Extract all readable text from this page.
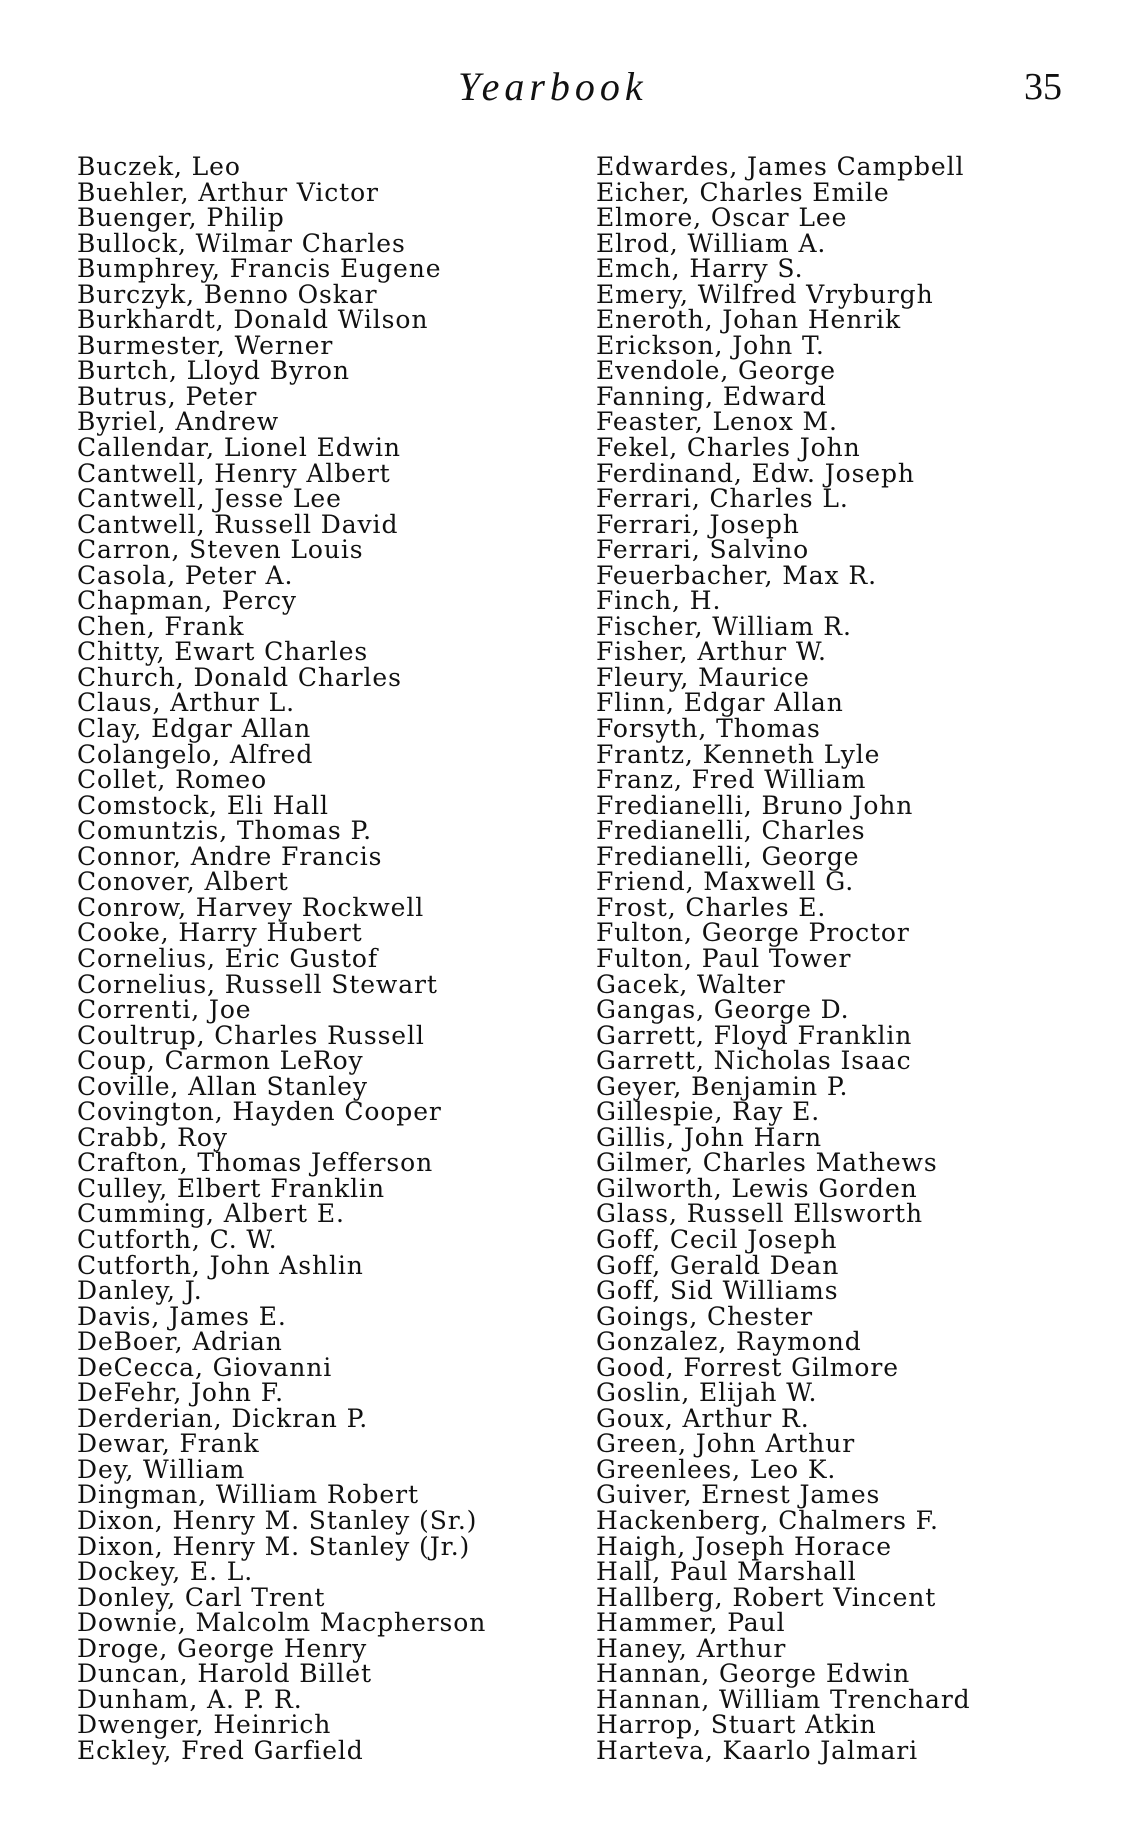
Yearbook	35
Buczek, Leo
Buehler, Arthur Victor
Buenger, Philip
Bullock, Wilmar Charles
Bumphrey, Francis Eugene
Burczyk, Benno Oskar
Burkhardt, Donald Wilson
Burmester, Werner
Burtch, Lloyd Byron
Butrus, Peter
Byriel, Andrew
Callendar, Lionel Edwin
Cantwell, Henry Albert
Cantwell, Jesse Lee
Cantwell, Russell David
Carron, Steven Louis
Casola, Peter A.
Chapman, Percy
Chen, Frank
Chitty, Ewart Charles
Church, Donald Charles
Claus, Arthur L.
Clay, Edgar Allan
Colangelo, Alfred
Collet, Romeo
Comstock, Eli Hall
Comuntzis, Thomas P.
Connor, Andre Francis
Conover, Albert
Conrow, Harvey Rockwell
Cooke, Harry Hubert
Cornelius, Eric Gustof
Cornelius, Russell Stewart
Correnti, Joe
Coultrup, Charles Russell
Coup, Carmon LeRoy
Coville, Allan Stanley
Covington, Hayden Cooper
Crabb, Roy
Crafton, Thomas Jefferson
Culley, Elbert Franklin
Cumming, Albert E.
Cutforth, C. W.
Cutforth, John Ashlin
Danley, J.
Davis, James E.
DeBoer, Adrian
DeCecca, Giovanni
DeFehr, John F.
Derderian, Dickran P.
Dewar, Frank
Dey, William
Dingman, William Robert
Dixon, Henry M. Stanley (Sr.)
Dixon, Henry M. Stanley (Jr.)
Dockey, E. L.
Donley, Carl Trent
Downie, Malcolm Macpherson
Droge, George Henry
Duncan, Harold Billet
Dunham, A. P. R.
Dwenger, Heinrich
Eckley, Fred Garfield
Edwardes, James Campbell
Eicher, Charles Emile
Elmore, Oscar Lee
Elrod, William A.
Emch, Harry S.
Emery, Wilfred Vryburgh
Eneroth, Johan Henrik
Erickson, John T.
Evendole, George
Fanning, Edward
Feaster, Lenox M.
Fekel, Charles John
Ferdinand, Edw. Joseph
Ferrari, Charles L.
Ferrari, Joseph
Ferrari, Salvino
Feuerbacher, Max R.
Finch, H.
Fischer, William R.
Fisher, Arthur W.
Fleury, Maurice
Flinn, Edgar Allan
Forsyth, Thomas
Frantz, Kenneth Lyle
Franz, Fred William
Fredianelli, Bruno John
Fredianelli, Charles
Fredianelli, George
Friend, Maxwell G.
Frost, Charles E.
Fulton, George Proctor
Fulton, Paul Tower
Gacek, Walter
Gangas, George D.
Garrett, Floyd Franklin
Garrett, Nicholas Isaac
Geyer, Benjamin P.
Gillespie, Ray E.
Gillis, John Harn
Gilmer, Charles Mathews
Gilworth, Lewis Gorden
Glass, Russell Ellsworth
Goff, Cecil Joseph
Goff, Gerald Dean
Goff, Sid Williams
Goings, Chester
Gonzalez, Raymond
Good, Forrest Gilmore
Goslin, Elijah W.
Goux, Arthur R.
Green, John Arthur
Greenlees, Leo K.
Guiver, Ernest James
Hackenberg, Chalmers F.
Haigh, Joseph Horace
Hall, Paul Marshall
Hallberg, Robert Vincent
Hammer, Paul
Haney, Arthur
Hannan, George Edwin
Hannan, William Trenchard
Harrop, Stuart Atkin
Harteva, Kaarlo Jalmari
